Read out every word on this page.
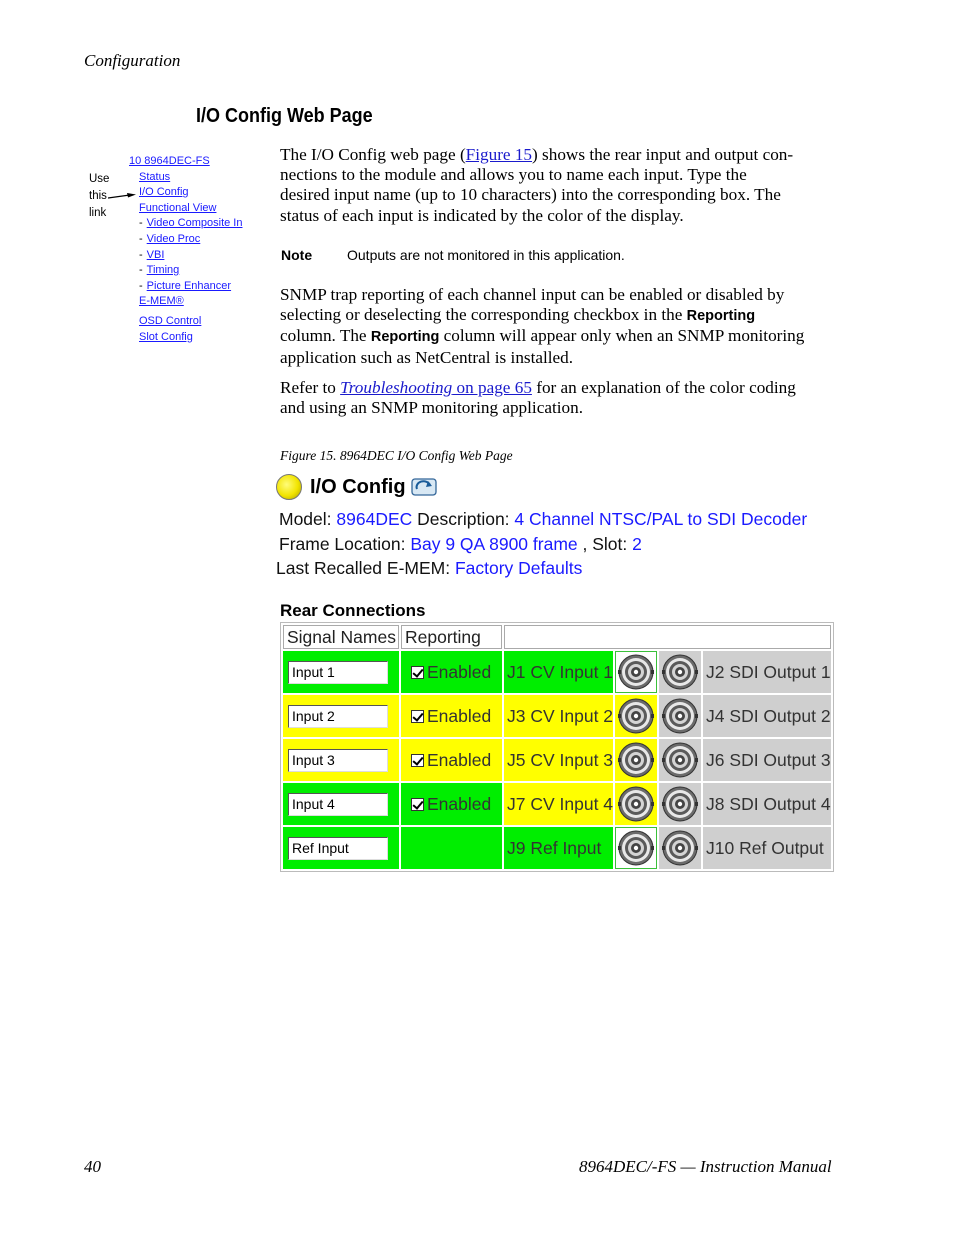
Configuration
I/O Config Web Page
Use
this
link
10 8964DEC-FS
Status
I/O Config
Functional View
- Video Composite In
- Video Proc
- VBI
- Timing
- Picture Enhancer
E-MEM®
OSD Control
Slot Config
The I/O Config web page (Figure 15) shows the rear input and output con-
nections to the module and allows you to name each input. Type the
desired input name (up to 10 characters) into the corresponding box. The
status of each input is indicated by the color of the display.
Note Outputs are not monitored in this application.
SNMP trap reporting of each channel input can be enabled or disabled by
selecting or deselecting the corresponding checkbox in the Reporting
column. The Reporting column will appear only when an SNMP monitoring
application such as NetCentral is installed.
Refer to Troubleshooting on page 65 for an explanation of the color coding
and using an SNMP monitoring application.
Figure 15. 8964DEC I/O Config Web Page
I/O Config
Model: 8964DEC Description: 4 Channel NTSC/PAL to SDI Decoder
Frame Location: Bay 9 QA 8900 frame , Slot: 2
Last Recalled E-MEM: Factory Defaults
Rear Connections
Signal Names	Reporting				
Input 1	Enabled	J1 CV Input 1			J2 SDI Output 1
Input 2	Enabled	J3 CV Input 2			J4 SDI Output 2
Input 3	Enabled	J5 CV Input 3			J6 SDI Output 3
Input 4	Enabled	J7 CV Input 4			J8 SDI Output 4
Ref Input		J9 Ref Input			J10 Ref Output
40	8964DEC/-FS — Instruction Manual
